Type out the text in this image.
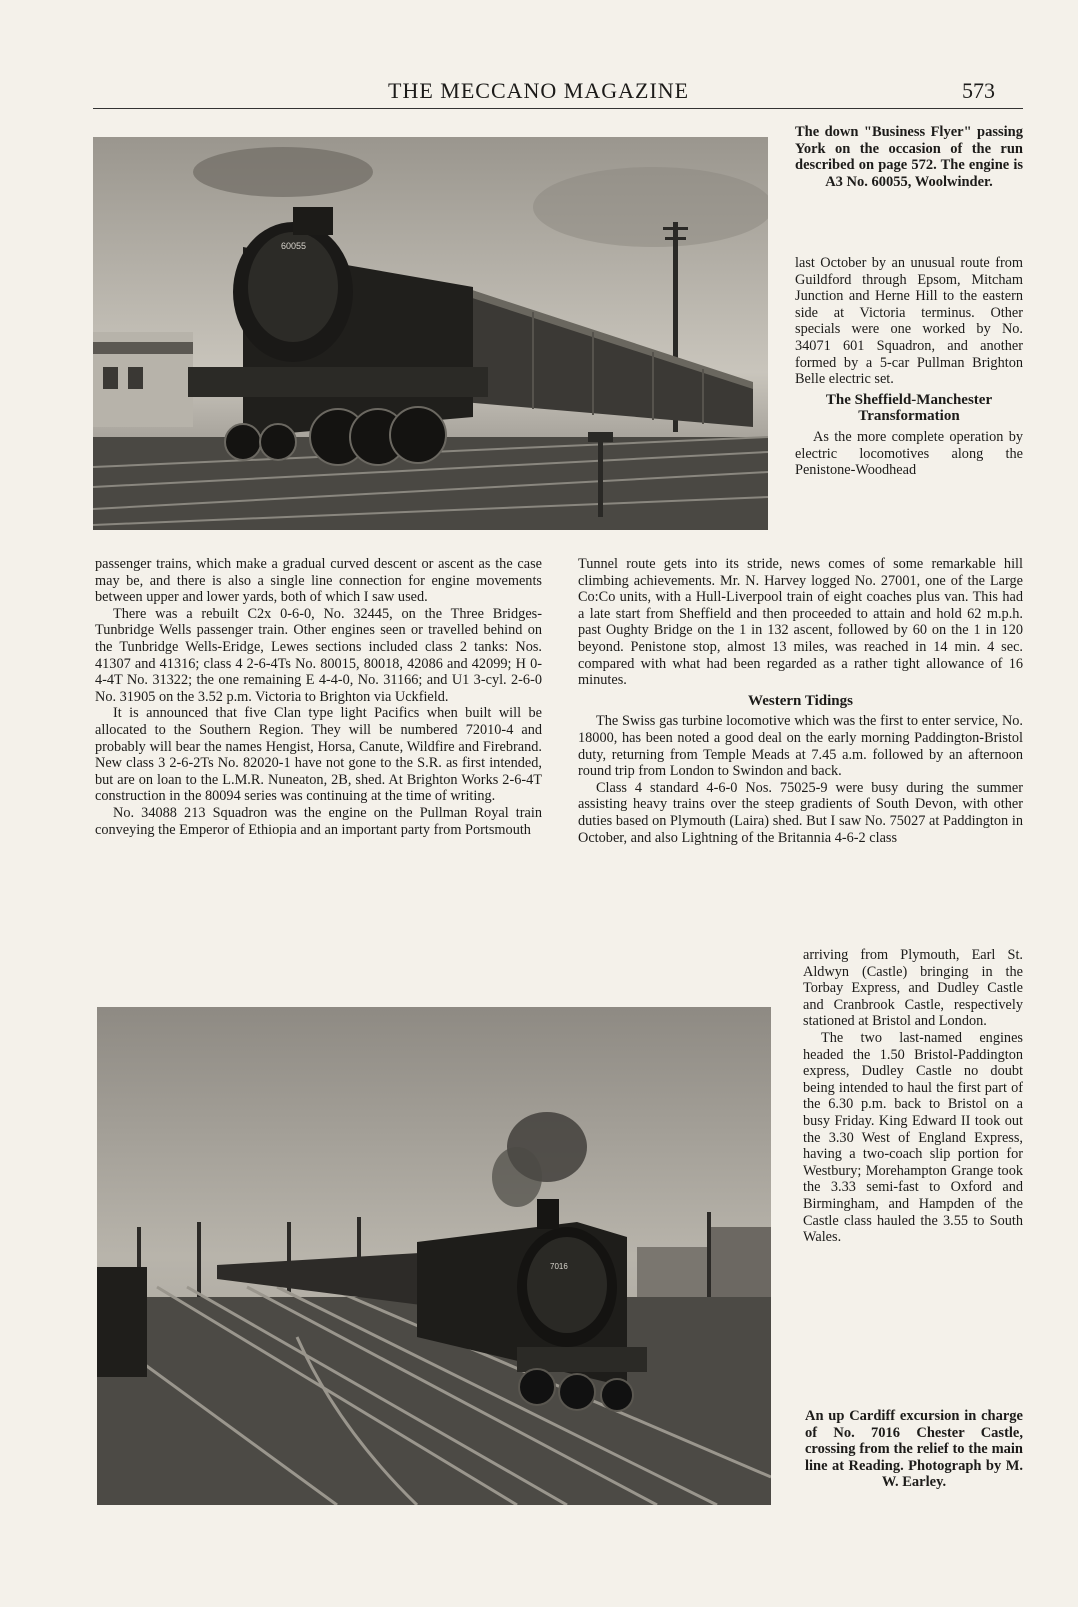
THE MECCANO MAGAZINE	573
60055
The down "Business Flyer" passing York on the occasion of the run described on page 572. The engine is A3 No. 60055, Woolwinder.

last October by an unusual route from Guildford through Epsom, Mitcham Junction and Herne Hill to the eastern side at Victoria terminus. Other specials were one worked by No. 34071 601 Squadron, and another formed by a 5-car Pullman Brighton Belle electric set.

The Sheffield-Manchester Transformation

As the more complete operation by electric locomotives along the Penistone-Woodhead

passenger trains, which make a gradual curved descent or ascent as the case may be, and there is also a single line connection for engine movements between upper and lower yards, both of which I saw used.

There was a rebuilt C2x 0-6-0, No. 32445, on the Three Bridges-Tunbridge Wells passenger train. Other engines seen or travelled behind on the Tunbridge Wells-Eridge, Lewes sections included class 2 tanks: Nos. 41307 and 41316; class 4 2-6-4Ts No. 80015, 80018, 42086 and 42099; H 0-4-4T No. 31322; the one remaining E 4-4-0, No. 31166; and U1 3-cyl. 2-6-0 No. 31905 on the 3.52 p.m. Victoria to Brighton via Uckfield.

It is announced that five Clan type light Pacifics when built will be allocated to the Southern Region. They will be numbered 72010-4 and probably will bear the names Hengist, Horsa, Canute, Wildfire and Firebrand. New class 3 2-6-2Ts No. 82020-1 have not gone to the S.R. as first intended, but are on loan to the L.M.R. Nuneaton, 2B, shed. At Brighton Works 2-6-4T construction in the 80094 series was continuing at the time of writing.

No. 34088 213 Squadron was the engine on the Pullman Royal train conveying the Emperor of Ethiopia and an important party from Portsmouth

Tunnel route gets into its stride, news comes of some remarkable hill climbing achievements. Mr. N. Harvey logged No. 27001, one of the Large Co:Co units, with a Hull-Liverpool train of eight coaches plus van. This had a late start from Sheffield and then proceeded to attain and hold 62 m.p.h. past Oughty Bridge on the 1 in 132 ascent, followed by 60 on the 1 in 120 beyond. Penistone stop, almost 13 miles, was reached in 14 min. 4 sec. compared with what had been regarded as a rather tight allowance of 16 minutes.

Western Tidings

The Swiss gas turbine locomotive which was the first to enter service, No. 18000, has been noted a good deal on the early morning Paddington-Bristol duty, returning from Temple Meads at 7.45 a.m. followed by an afternoon round trip from London to Swindon and back.

Class 4 standard 4-6-0 Nos. 75025-9 were busy during the summer assisting heavy trains over the steep gradients of South Devon, with other duties based on Plymouth (Laira) shed. But I saw No. 75027 at Paddington in October, and also Lightning of the Britannia 4-6-2 class

7016

arriving from Plymouth, Earl St. Aldwyn (Castle) bringing in the Torbay Express, and Dudley Castle and Cranbrook Castle, respectively stationed at Bristol and London.

The two last-named engines headed the 1.50 Bristol-Paddington express, Dudley Castle no doubt being intended to haul the first part of the 6.30 p.m. back to Bristol on a busy Friday. King Edward II took out the 3.30 West of England Express, having a two-coach slip portion for Westbury; Morehampton Grange took the 3.33 semi-fast to Oxford and Birmingham, and Hampden of the Castle class hauled the 3.55 to South Wales.

An up Cardiff excursion in charge of No. 7016 Chester Castle, crossing from the relief to the main line at Reading. Photograph by M. W. Earley.
